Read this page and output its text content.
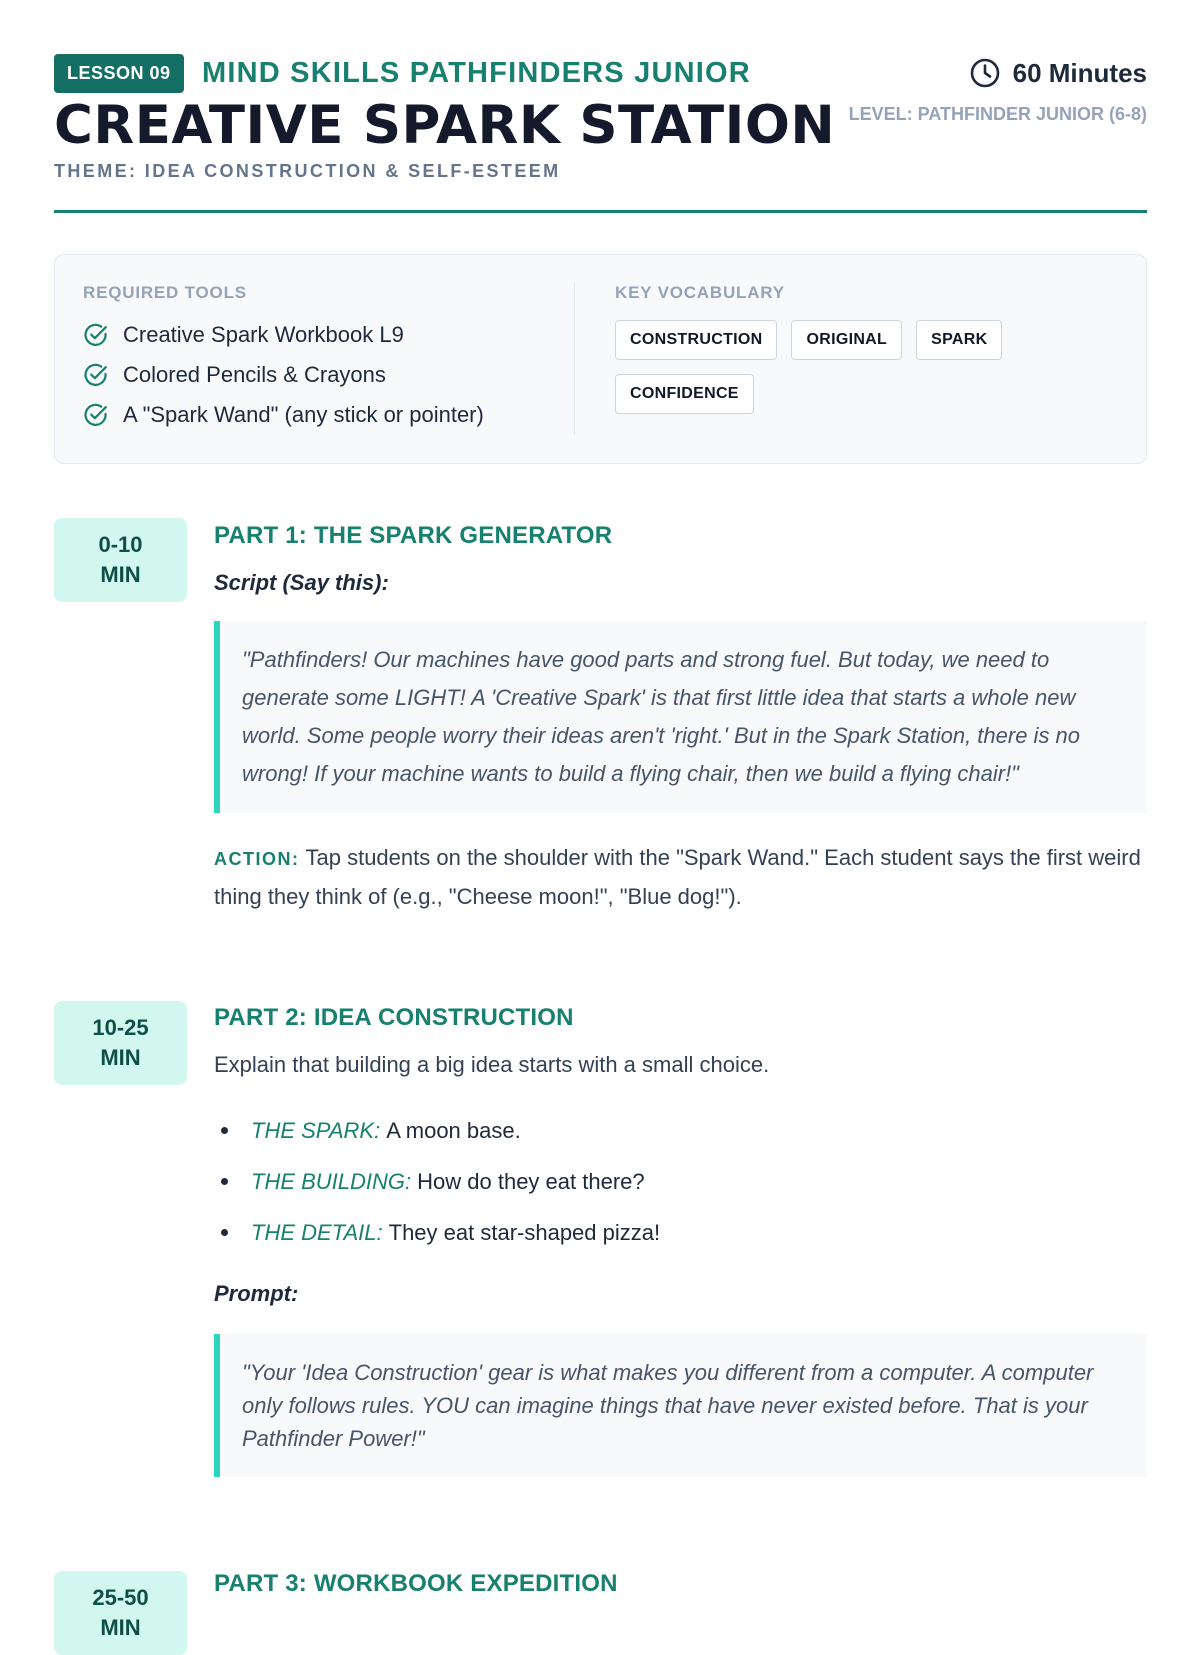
LESSON 09	MIND SKILLS PATHFINDERS JUNIOR
CREATIVE SPARK STATION
THEME: IDEA CONSTRUCTION & SELF-ESTEEM
60 Minutes
LEVEL: PATHFINDER JUNIOR (6-8)
REQUIRED TOOLS
Creative Spark Workbook L9
Colored Pencils & Crayons
A "Spark Wand" (any stick or pointer)
KEY VOCABULARY
CONSTRUCTION	ORIGINAL	SPARK
CONFIDENCE
0-10
MIN
PART 1: THE SPARK GENERATOR
Script (Say this):
"Pathfinders! Our machines have good parts and strong fuel. But today, we need to generate some LIGHT! A 'Creative Spark' is that first little idea that starts a whole new world. Some people worry their ideas aren't 'right.' But in the Spark Station, there is no wrong! If your machine wants to build a flying chair, then we build a flying chair!"
ACTION: Tap students on the shoulder with the "Spark Wand." Each student says the first weird thing they think of (e.g., "Cheese moon!", "Blue dog!").
10-25
MIN
PART 2: IDEA CONSTRUCTION
Explain that building a big idea starts with a small choice.
THE SPARK: A moon base.
THE BUILDING: How do they eat there?
THE DETAIL: They eat star-shaped pizza!
Prompt:
"Your 'Idea Construction' gear is what makes you different from a computer. A computer only follows rules. YOU can imagine things that have never existed before. That is your Pathfinder Power!"
25-50
MIN
PART 3: WORKBOOK EXPEDITION
